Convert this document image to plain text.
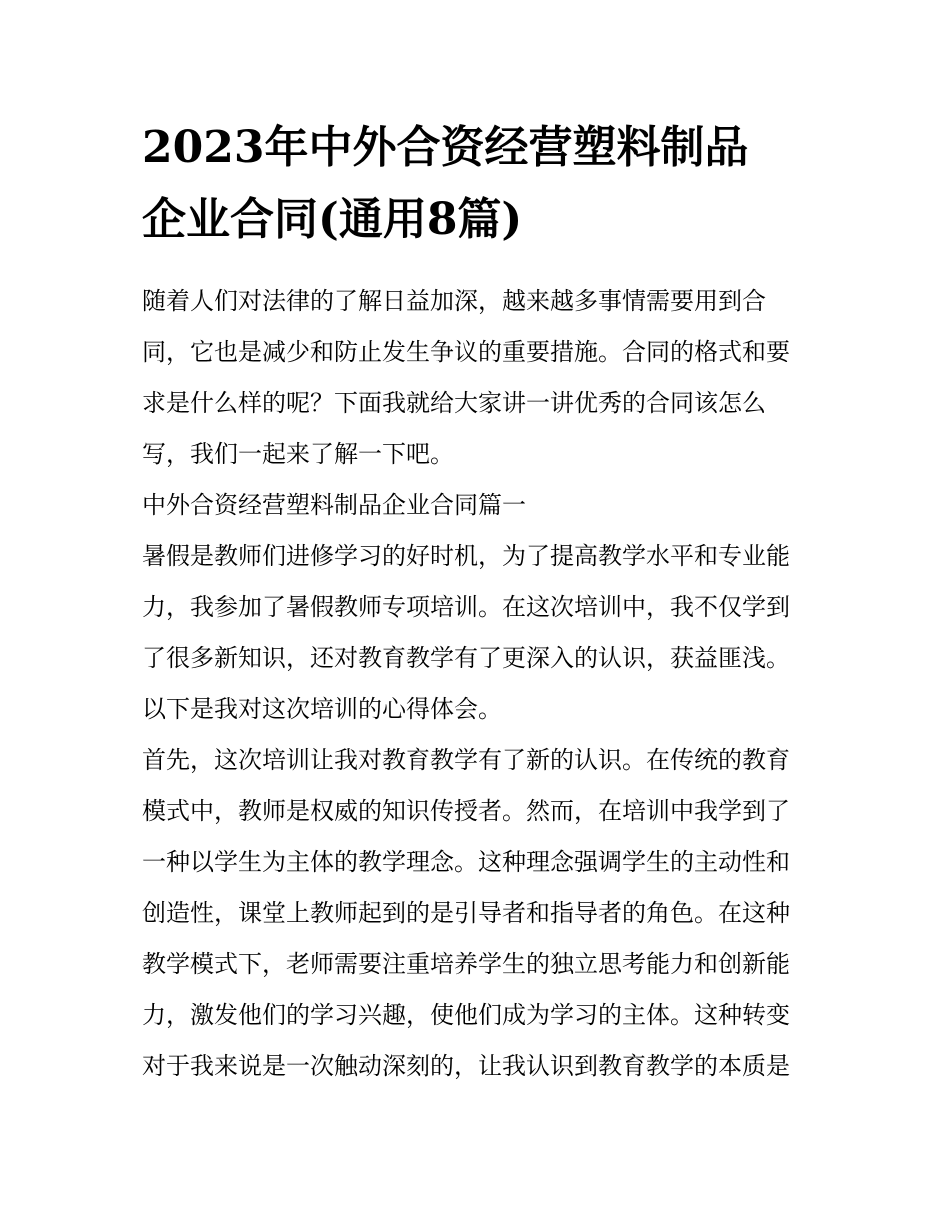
2023年中外合资经营塑料制品
企业合同(通用8篇)
随着人们对法律的了解日益加深，越来越多事情需要用到合
同，它也是减少和防止发生争议的重要措施。合同的格式和要
求是什么样的呢？下面我就给大家讲一讲优秀的合同该怎么
写，我们一起来了解一下吧。
中外合资经营塑料制品企业合同篇一
暑假是教师们进修学习的好时机，为了提高教学水平和专业能
力，我参加了暑假教师专项培训。在这次培训中，我不仅学到
了很多新知识，还对教育教学有了更深入的认识，获益匪浅。
以下是我对这次培训的心得体会。
首先，这次培训让我对教育教学有了新的认识。在传统的教育
模式中，教师是权威的知识传授者。然而，在培训中我学到了
一种以学生为主体的教学理念。这种理念强调学生的主动性和
创造性，课堂上教师起到的是引导者和指导者的角色。在这种
教学模式下，老师需要注重培养学生的独立思考能力和创新能
力，激发他们的学习兴趣，使他们成为学习的主体。这种转变
对于我来说是一次触动深刻的，让我认识到教育教学的本质是
